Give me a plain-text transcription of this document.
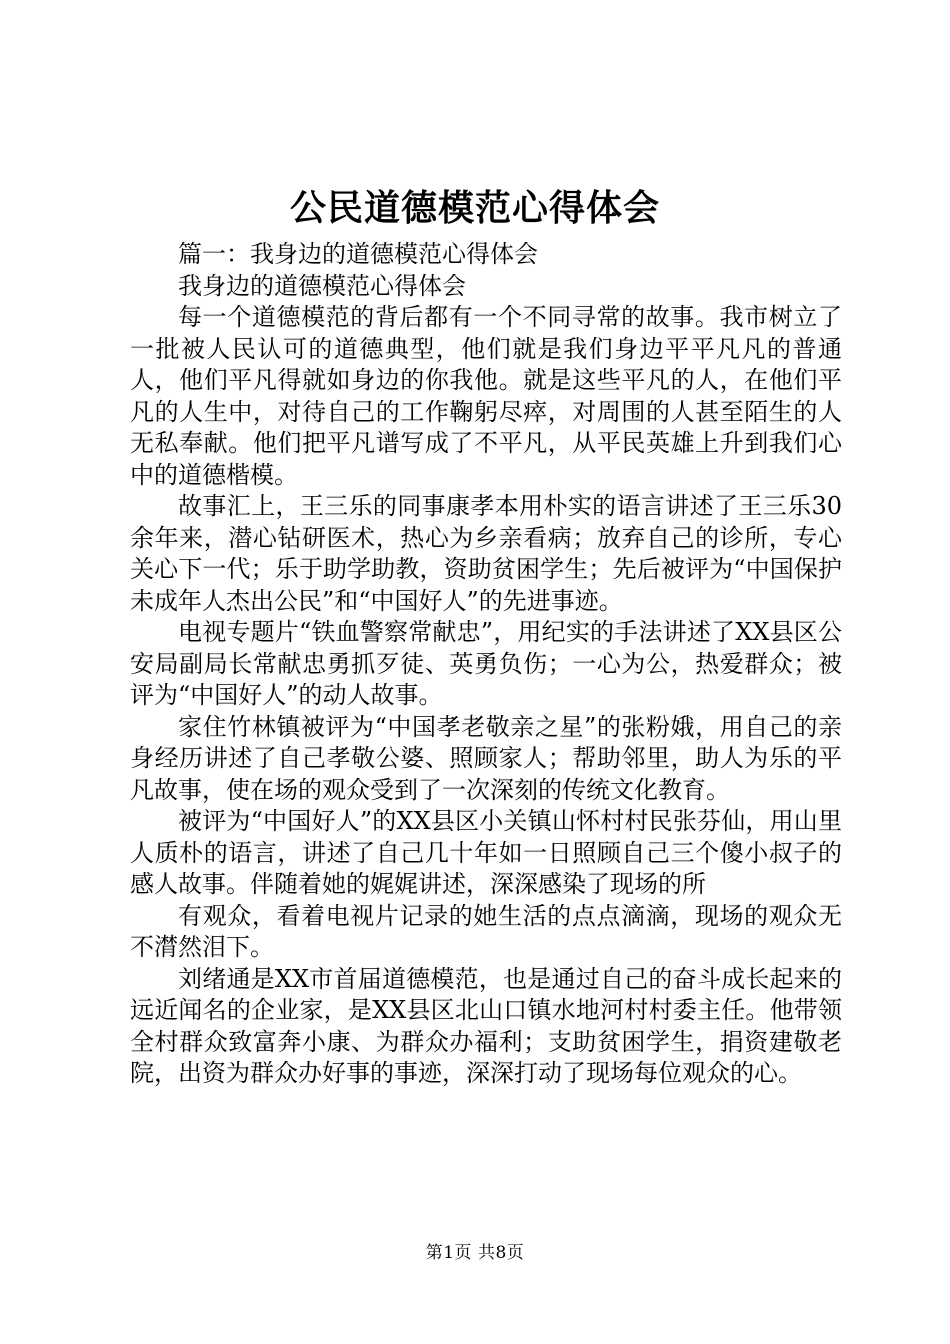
公民道德模范心得体会

篇一：我身边的道德模范心得体会

我身边的道德模范心得体会

每一个道德模范的背后都有一个不同寻常的故事。我市树立了一批被人民认可的道德典型，他们就是我们身边平平凡凡的普通人，他们平凡得就如身边的你我他。就是这些平凡的人，在他们平凡的人生中，对待自己的工作鞠躬尽瘁，对周围的人甚至陌生的人无私奉献。他们把平凡谱写成了不平凡，从平民英雄上升到我们心中的道德楷模。

故事汇上，王三乐的同事康孝本用朴实的语言讲述了王三乐30余年来，潜心钻研医术，热心为乡亲看病；放弃自己的诊所，专心关心下一代；乐于助学助教，资助贫困学生；先后被评为“中国保护未成年人杰出公民”和“中国好人”的先进事迹。

电视专题片“铁血警察常献忠”，用纪实的手法讲述了XX县区公安局副局长常献忠勇抓歹徒、英勇负伤；一心为公，热爱群众；被评为“中国好人”的动人故事。

家住竹林镇被评为“中国孝老敬亲之星”的张粉娥，用自己的亲身经历讲述了自己孝敬公婆、照顾家人；帮助邻里，助人为乐的平凡故事，使在场的观众受到了一次深刻的传统文化教育。

被评为“中国好人”的XX县区小关镇山怀村村民张芬仙，用山里人质朴的语言，讲述了自己几十年如一日照顾自己三个傻小叔子的感人故事。伴随着她的娓娓讲述，深深感染了现场的所

有观众，看着电视片记录的她生活的点点滴滴，现场的观众无不潸然泪下。

刘绪通是XX市首届道德模范，也是通过自己的奋斗成长起来的远近闻名的企业家，是XX县区北山口镇水地河村村委主任。他带领全村群众致富奔小康、为群众办福利；支助贫困学生，捐资建敬老院，出资为群众办好事的事迹，深深打动了现场每位观众的心。

第1页 共8页
